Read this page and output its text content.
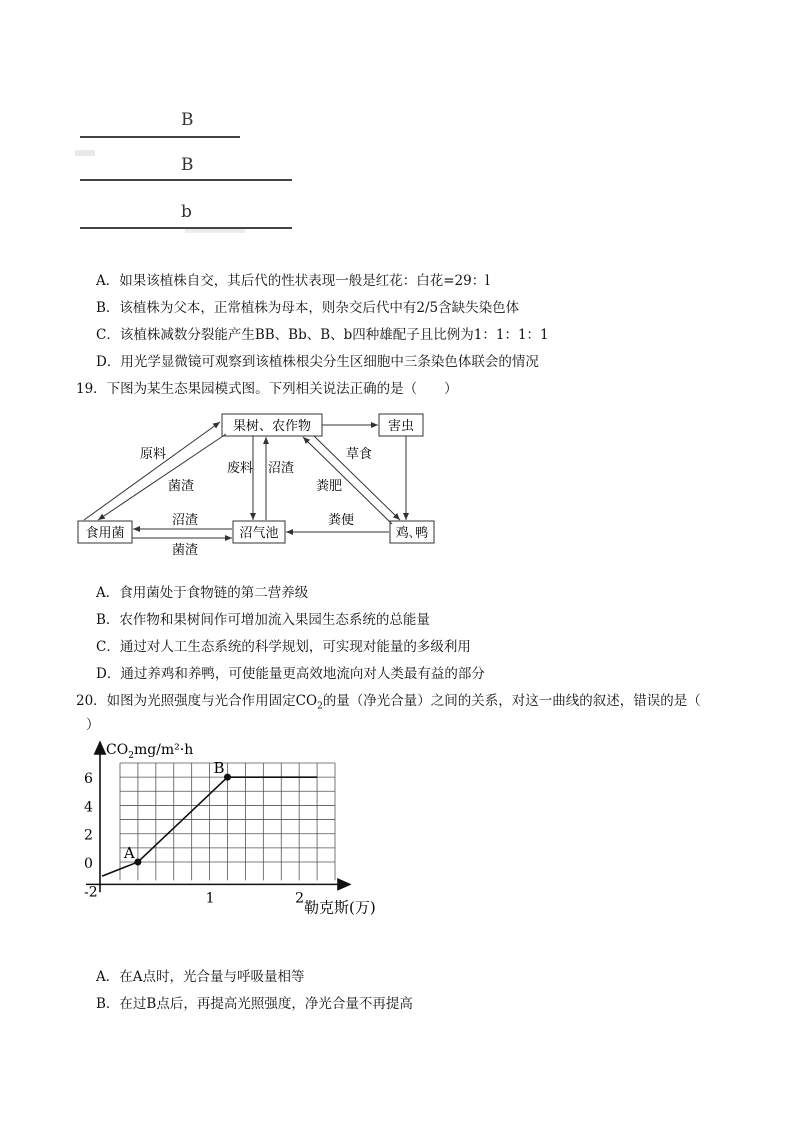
B
B
b
A．如果该植株自交，其后代的性状表现一般是红花：白花=29：l
B．该植株为父本，正常植株为母本，则杂交后代中有2/5含缺失染色体
C．该植株减数分裂能产生BB、Bb、B、b四种雄配子且比例为1：1：1：1
D．用光学显微镜可观察到该植株根尖分生区细胞中三条染色体联会的情况
19．下图为某生态果园模式图。下列相关说法正确的是（　　）
果树、农作物	害虫
食用菌	沼气池	鸡､鸭
原料
菌渣
废料 沼渣
草食
粪肥
沼渣
菌渣
粪便
A．食用菌处于食物链的第二营养级
B．农作物和果树间作可增加流入果园生态系统的总能量
C．通过对人工生态系统的科学规划，可实现对能量的多级利用
D．通过养鸡和养鸭，可使能量更高效地流向对人类最有益的部分
20．如图为光照强度与光合作用固定$CO_2$的量（净光合量）之间的关系，对这一曲线的叙述，错误的是（
）
6
4
2
0
-2	1	2
$CO_2mg/m^2\cdot h$
勒克斯(万)
A
B
A．在A点时，光合量与呼吸量相等
B．在过B点后，再提高光照强度，净光合量不再提高
